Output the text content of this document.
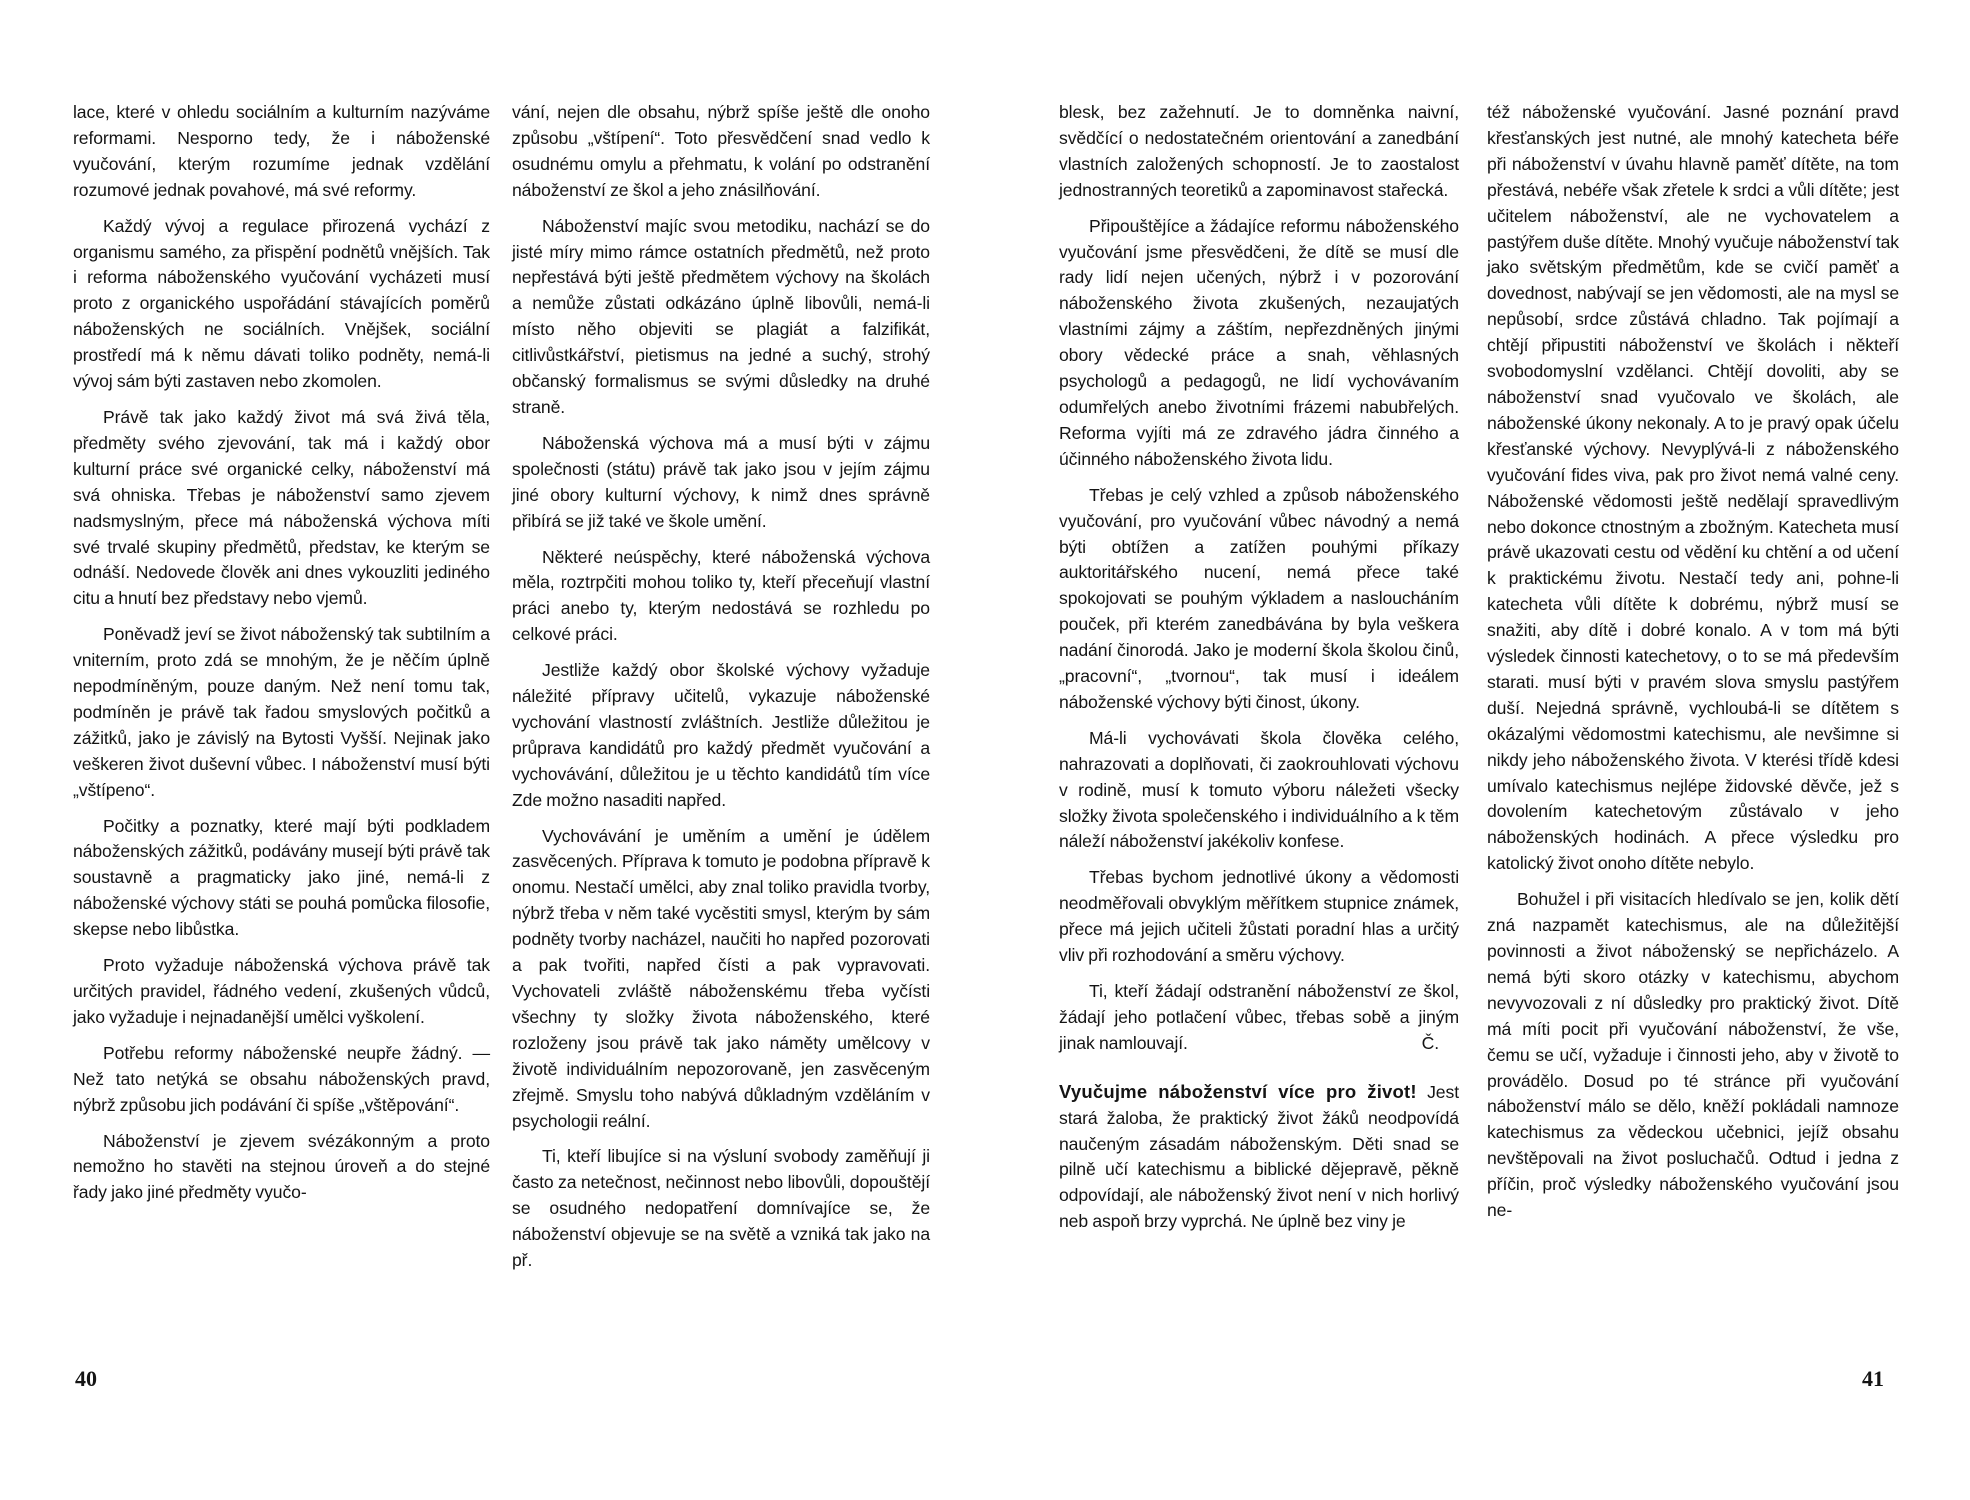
lace, které v ohledu sociálním a kulturním nazýváme reformami. Nesporno tedy, že i náboženské vyučování, kterým rozumíme jednak vzdělání rozumové jednak povahové, má své reformy.

Každý vývoj a regulace přirozená vychází z organismu samého, za přispění podnětů vnějších. Tak i reforma náboženského vyučování vycházeti musí proto z organického uspořádání stávajících poměrů náboženských ne sociálních. Vnějšek, sociální prostředí má k němu dávati toliko podněty, nemá-li vývoj sám býti zastaven nebo zkomolen.

Právě tak jako každý život má svá živá těla, předměty svého zjevování, tak má i každý obor kulturní práce své organické celky, náboženství má svá ohniska. Třebas je náboženství samo zjevem nadsmyslným, přece má náboženská výchova míti své trvalé skupiny předmětů, představ, ke kterým se odnáší. Nedovede člověk ani dnes vykouzliti jediného citu a hnutí bez představy nebo vjemů.

Poněvadž jeví se život náboženský tak subtilním a vniterním, proto zdá se mnohým, že je něčím úplně nepodmíněným, pouze daným. Než není tomu tak, podmíněn je právě tak řadou smyslových počitků a zážitků, jako je závislý na Bytosti Vyšší. Nejinak jako veškeren život duševní vůbec. I náboženství musí býti „vštípeno“.

Počitky a poznatky, které mají býti podkladem náboženských zážitků, podávány musejí býti právě tak soustavně a pragmaticky jako jiné, nemá-li z náboženské výchovy státi se pouhá pomůcka filosofie, skepse nebo libůstka.

Proto vyžaduje náboženská výchova právě tak určitých pravidel, řádného vedení, zkušených vůdců, jako vyžaduje i nejnadanější umělci vyškolení.

Potřebu reformy náboženské neupře žádný. — Než tato netýká se obsahu náboženských pravd, nýbrž způsobu jich podávání či spíše „vštěpování“.

Náboženství je zjevem svézákonným a proto nemožno ho stavěti na stejnou úroveň a do stejné řady jako jiné předměty vyučo-

vání, nejen dle obsahu, nýbrž spíše ještě dle onoho způsobu „vštípení“. Toto přesvědčení snad vedlo k osudnému omylu a přehmatu, k volání po odstranění náboženství ze škol a jeho znásilňování.

Náboženství majíc svou metodiku, nachází se do jisté míry mimo rámce ostatních předmětů, než proto nepřestává býti ještě předmětem výchovy na školách a nemůže zůstati odkázáno úplně libovůli, nemá-li místo něho objeviti se plagiát a falzifikát, citlivůstkářství, pietismus na jedné a suchý, strohý občanský formalismus se svými důsledky na druhé straně.

Náboženská výchova má a musí býti v zájmu společnosti (státu) právě tak jako jsou v jejím zájmu jiné obory kulturní výchovy, k nimž dnes správně přibírá se již také ve škole umění.

Některé neúspěchy, které náboženská výchova měla, roztrpčiti mohou toliko ty, kteří přeceňují vlastní práci anebo ty, kterým nedostává se rozhledu po celkové práci.

Jestliže každý obor školské výchovy vyžaduje náležité přípravy učitelů, vykazuje náboženské vychování vlastností zvláštních. Jestliže důležitou je průprava kandidátů pro každý předmět vyučování a vychovávání, důležitou je u těchto kandidátů tím více Zde možno nasaditi napřed.

Vychovávání je uměním a umění je údělem zasvěcených. Příprava k tomuto je podobna přípravě k onomu. Nestačí umělci, aby znal toliko pravidla tvorby, nýbrž třeba v něm také vycěstiti smysl, kterým by sám podněty tvorby nacházel, naučiti ho napřed pozorovati a pak tvořiti, napřed čísti a pak vypravovati. Vychovateli zvláště náboženskému třeba vyčísti všechny ty složky života náboženského, které rozloženy jsou právě tak jako náměty umělcovy v životě individuálním nepozorovaně, jen zasvěceným zřejmě. Smyslu toho nabývá důkladným vzděláním v psychologii reální.

Ti, kteří libujíce si na výsluní svobody zaměňují ji často za netečnost, nečinnost nebo libovůli, dopouštějí se osudného nedopatření domnívajíce se, že náboženství objevuje se na světě a vzniká tak jako na př.

40

blesk, bez zažehnutí. Je to domněnka naivní, svědčící o nedostatečném orientování a zanedbání vlastních založených schopností. Je to zaostalost jednostranných teoretiků a zapominavost stařecká.

Připouštějíce a žádajíce reformu náboženského vyučování jsme přesvědčeni, že dítě se musí dle rady lidí nejen učených, nýbrž i v pozorování náboženského života zkušených, nezaujatých vlastními zájmy a záštím, nepřezdněných jinými obory vědecké práce a snah, věhlasných psychologů a pedagogů, ne lidí vychovávaním odumřelých anebo životními frázemi nabubřelých. Reforma vyjíti má ze zdravého jádra činného a účinného náboženského života lidu.

Třebas je celý vzhled a způsob náboženského vyučování, pro vyučování vůbec návodný a nemá býti obtížen a zatížen pouhými příkazy auktoritářského nucení, nemá přece také spokojovati se pouhým výkladem a nasloucháním pouček, při kterém zanedbávána by byla veškera nadání činorodá. Jako je moderní škola školou činů, „pracovní“, „tvornou“, tak musí i ideálem náboženské výchovy býti činost, úkony.

Má-li vychovávati škola člověka celého, nahrazovati a doplňovati, či zaokrouhlovati výchovu v rodině, musí k tomuto výboru náležeti všecky složky života společenského i individuálního a k těm náleží náboženství jakékoliv konfese.

Třebas bychom jednotlivé úkony a vědomosti neodměřovali obvyklým měřítkem stupnice známek, přece má jejich učiteli žůstati poradní hlas a určitý vliv při rozhodování a směru výchovy.

Ti, kteří žádají odstranění náboženství ze škol, žádají jeho potlačení vůbec, třebas sobě a jiným jinak namlouvají.	Č.

Vyučujme náboženství více pro život! Jest stará žaloba, že praktický život žáků neodpovídá naučeným zásadám náboženským. Děti snad se pilně učí katechismu a biblické dějepravě, pěkně odpovídají, ale náboženský život není v nich horlivý neb aspoň brzy vyprchá. Ne úplně bez viny je

též náboženské vyučování. Jasné poznání pravd křesťanských jest nutné, ale mnohý katecheta béře při náboženství v úvahu hlavně paměť dítěte, na tom přestává, nebéře však zřetele k srdci a vůli dítěte; jest učitelem náboženství, ale ne vychovatelem a pastýřem duše dítěte. Mnohý vyučuje náboženství tak jako světským předmětům, kde se cvičí paměť a dovednost, nabývají se jen vědomosti, ale na mysl se nepůsobí, srdce zůstává chladno. Tak pojímají a chtějí připustiti náboženství ve školách i někteří svobodomyslní vzdělanci. Chtějí dovoliti, aby se náboženství snad vyučovalo ve školách, ale náboženské úkony nekonaly. A to je pravý opak účelu křesťanské výchovy. Nevyplývá-li z náboženského vyučování fides viva, pak pro život nemá valné ceny. Náboženské vědomosti ještě nedělají spravedlivým nebo dokonce ctnostným a zbožným. Katecheta musí právě ukazovati cestu od vědění ku chtění a od učení k praktickému životu. Nestačí tedy ani, pohne-li katecheta vůli dítěte k dobrému, nýbrž musí se snažiti, aby dítě i dobré konalo. A v tom má býti výsledek činnosti katechetovy, o to se má především starati. musí býti v pravém slova smyslu pastýřem duší. Nejedná správně, vychloubá-li se dítětem s okázalými vědomostmi katechismu, ale nevšimne si nikdy jeho náboženského života. V kterési třídě kdesi umívalo katechismus nejlépe židovské děvče, jež s dovolením katechetovým zůstávalo v jeho náboženských hodinách. A přece výsledku pro katolický život onoho dítěte nebylo.

Bohužel i při visitacích hledívalo se jen, kolik dětí zná nazpamět katechismus, ale na důležitější povinnosti a život náboženský se nepřicházelo. A nemá býti skoro otázky v katechismu, abychom nevyvozovali z ní důsledky pro praktický život. Dítě má míti pocit při vyučování náboženství, že vše, čemu se učí, vyžaduje i činnosti jeho, aby v životě to provádělo. Dosud po té stránce při vyučování náboženství málo se dělo, kněží pokládali namnoze katechismus za vědeckou učebnici, jejíž obsahu nevštěpovali na život posluchačů. Odtud i jedna z příčin, proč výsledky náboženského vyučování jsou ne-

41
